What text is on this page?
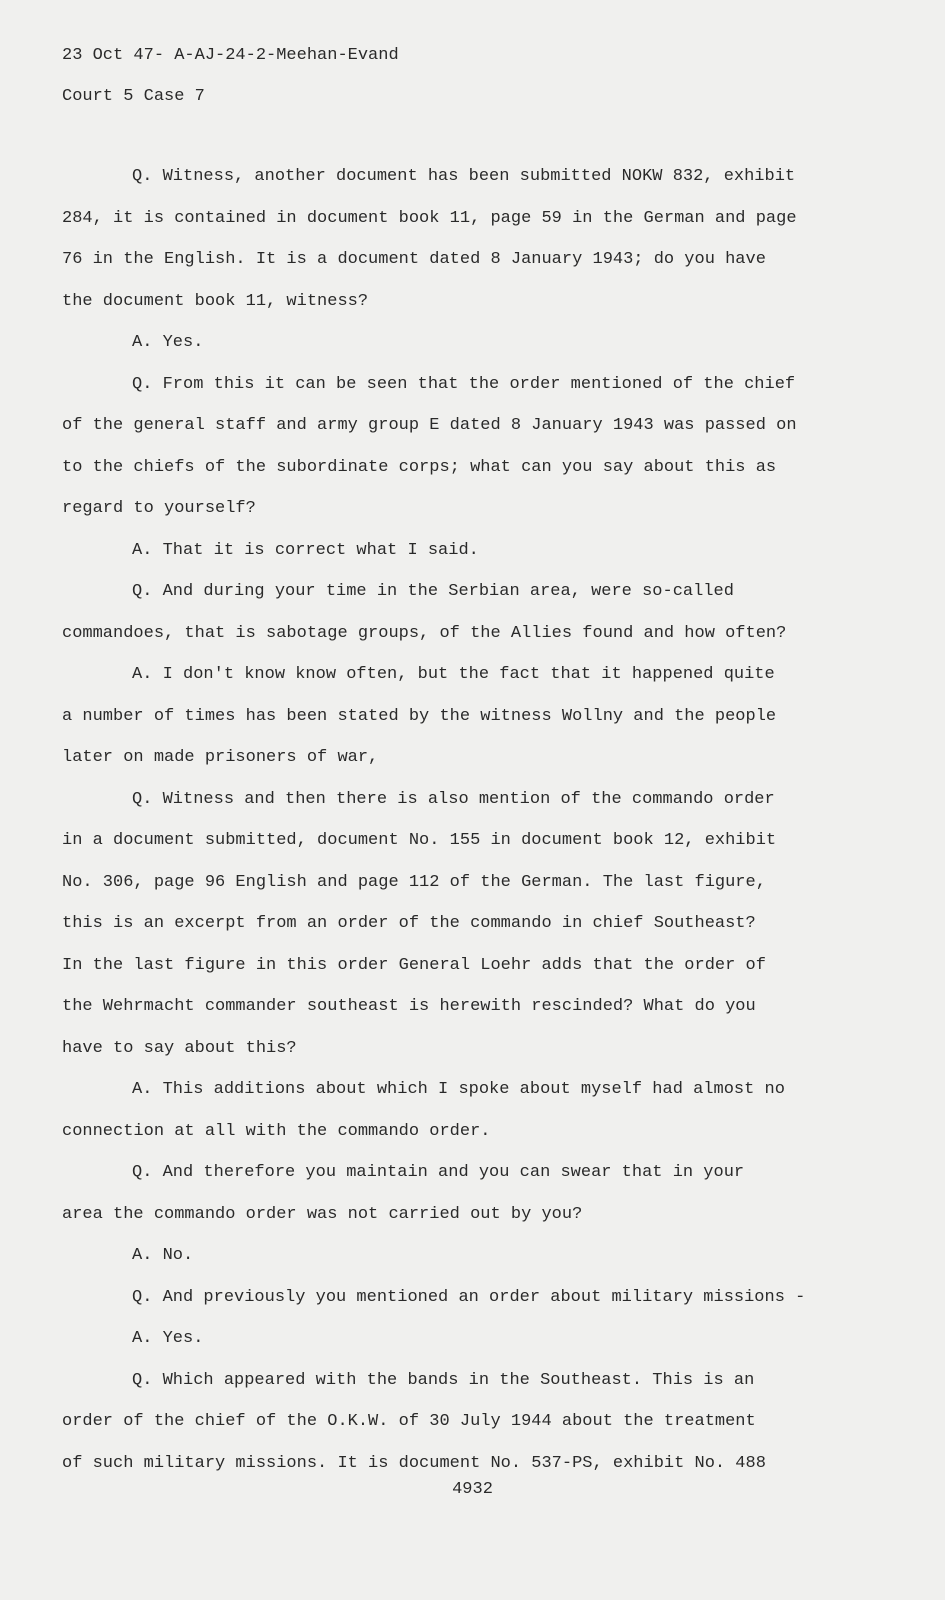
23 Oct 47- A-AJ-24-2-Meehan-Evand
Court 5 Case 7
Q. Witness, another document has been submitted NOKW 832, exhibit
284, it is contained in document book 11, page 59 in the German and page
76 in the English. It is a document dated 8 January 1943; do you have
the document book 11, witness?
A. Yes.
Q. From this it can be seen that the order mentioned of the chief
of the general staff and army group E dated 8 January 1943 was passed on
to the chiefs of the subordinate corps; what can you say about this as
regard to yourself?
A. That it is correct what I said.
Q. And during your time in the Serbian area, were so-called
commandoes, that is sabotage groups, of the Allies found and how often?
A. I don't know know often, but the fact that it happened quite
a number of times has been stated by the witness Wollny and the people
later on made prisoners of war,
Q. Witness and then there is also mention of the commando order
in a document submitted, document No. 155 in document book 12, exhibit
No. 306, page 96 English and page 112 of the German. The last figure,
this is an excerpt from an order of the commando in chief Southeast?
In the last figure in this order General Loehr adds that the order of
the Wehrmacht commander southeast is herewith rescinded? What do you
have to say about this?
A. This additions about which I spoke about myself had almost no
connection at all with the commando order.
Q. And therefore you maintain and you can swear that in your
area the commando order was not carried out by you?
A. No.
Q. And previously you mentioned an order about military missions -
A. Yes.
Q. Which appeared with the bands in the Southeast. This is an
order of the chief of the O.K.W. of 30 July 1944 about the treatment
of such military missions. It is document No. 537-PS, exhibit No. 488
4932
